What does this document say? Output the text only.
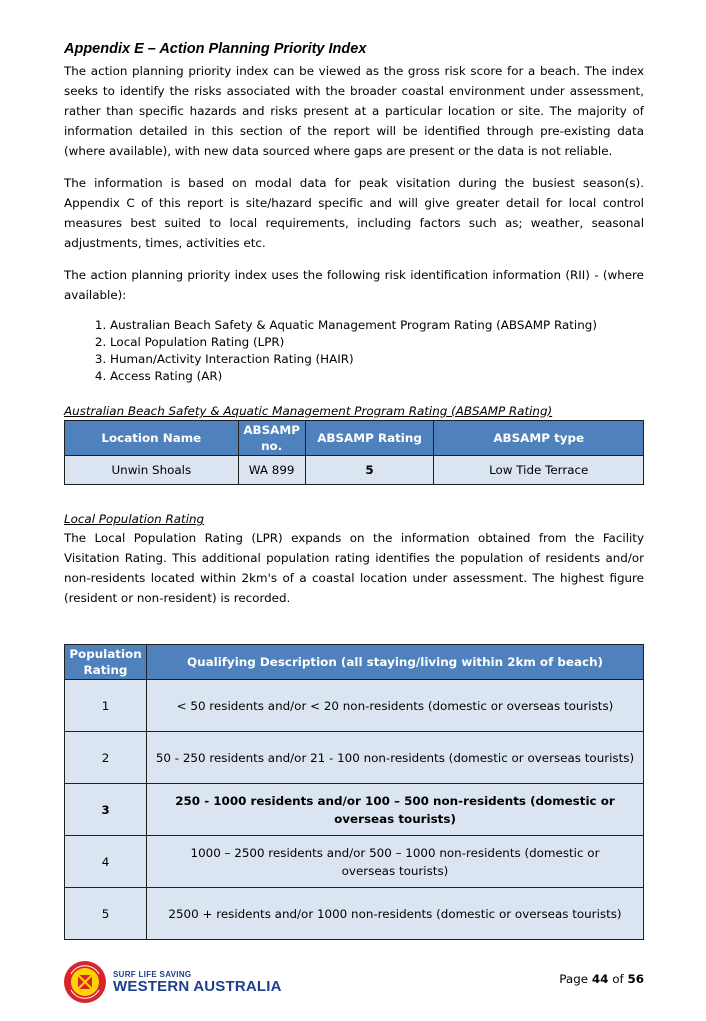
Appendix E – Action Planning Priority Index

The action planning priority index can be viewed as the gross risk score for a beach. The index seeks to identify the risks associated with the broader coastal environment under assessment, rather than specific hazards and risks present at a particular location or site. The majority of information detailed in this section of the report will be identified through pre-existing data (where available), with new data sourced where gaps are present or the data is not reliable.

The information is based on modal data for peak visitation during the busiest season(s). Appendix C of this report is site/hazard specific and will give greater detail for local control measures best suited to local requirements, including factors such as; weather, seasonal adjustments, times, activities etc.

The action planning priority index uses the following risk identification information (RII) - (where available):

1. Australian Beach Safety & Aquatic Management Program Rating (ABSAMP Rating)
2. Local Population Rating (LPR)
3. Human/Activity Interaction Rating (HAIR)
4. Access Rating (AR)

Australian Beach Safety & Aquatic Management Program Rating (ABSAMP Rating)

Location Name	ABSAMP no.	ABSAMP Rating	ABSAMP type
Unwin Shoals	WA 899	5	Low Tide Terrace

Local Population Rating

The Local Population Rating (LPR) expands on the information obtained from the Facility Visitation Rating. This additional population rating identifies the population of residents and/or non-residents located within 2km's of a coastal location under assessment. The highest figure (resident or non-resident) is recorded.

Population Rating	Qualifying Description (all staying/living within 2km of beach)
1	< 50 residents and/or < 20 non-residents (domestic or overseas tourists)
2	50 - 250 residents and/or 21 - 100 non-residents (domestic or overseas tourists)
3	250 - 1000 residents and/or 100 – 500 non-residents (domestic or overseas tourists)
4	1000 – 2500 residents and/or 500 – 1000 non-residents (domestic or overseas tourists)
5	2500 + residents and/or 1000 non-residents (domestic or overseas tourists)
SURF LIFE SAVING
WESTERN AUSTRALIA	Page 44 of 56
